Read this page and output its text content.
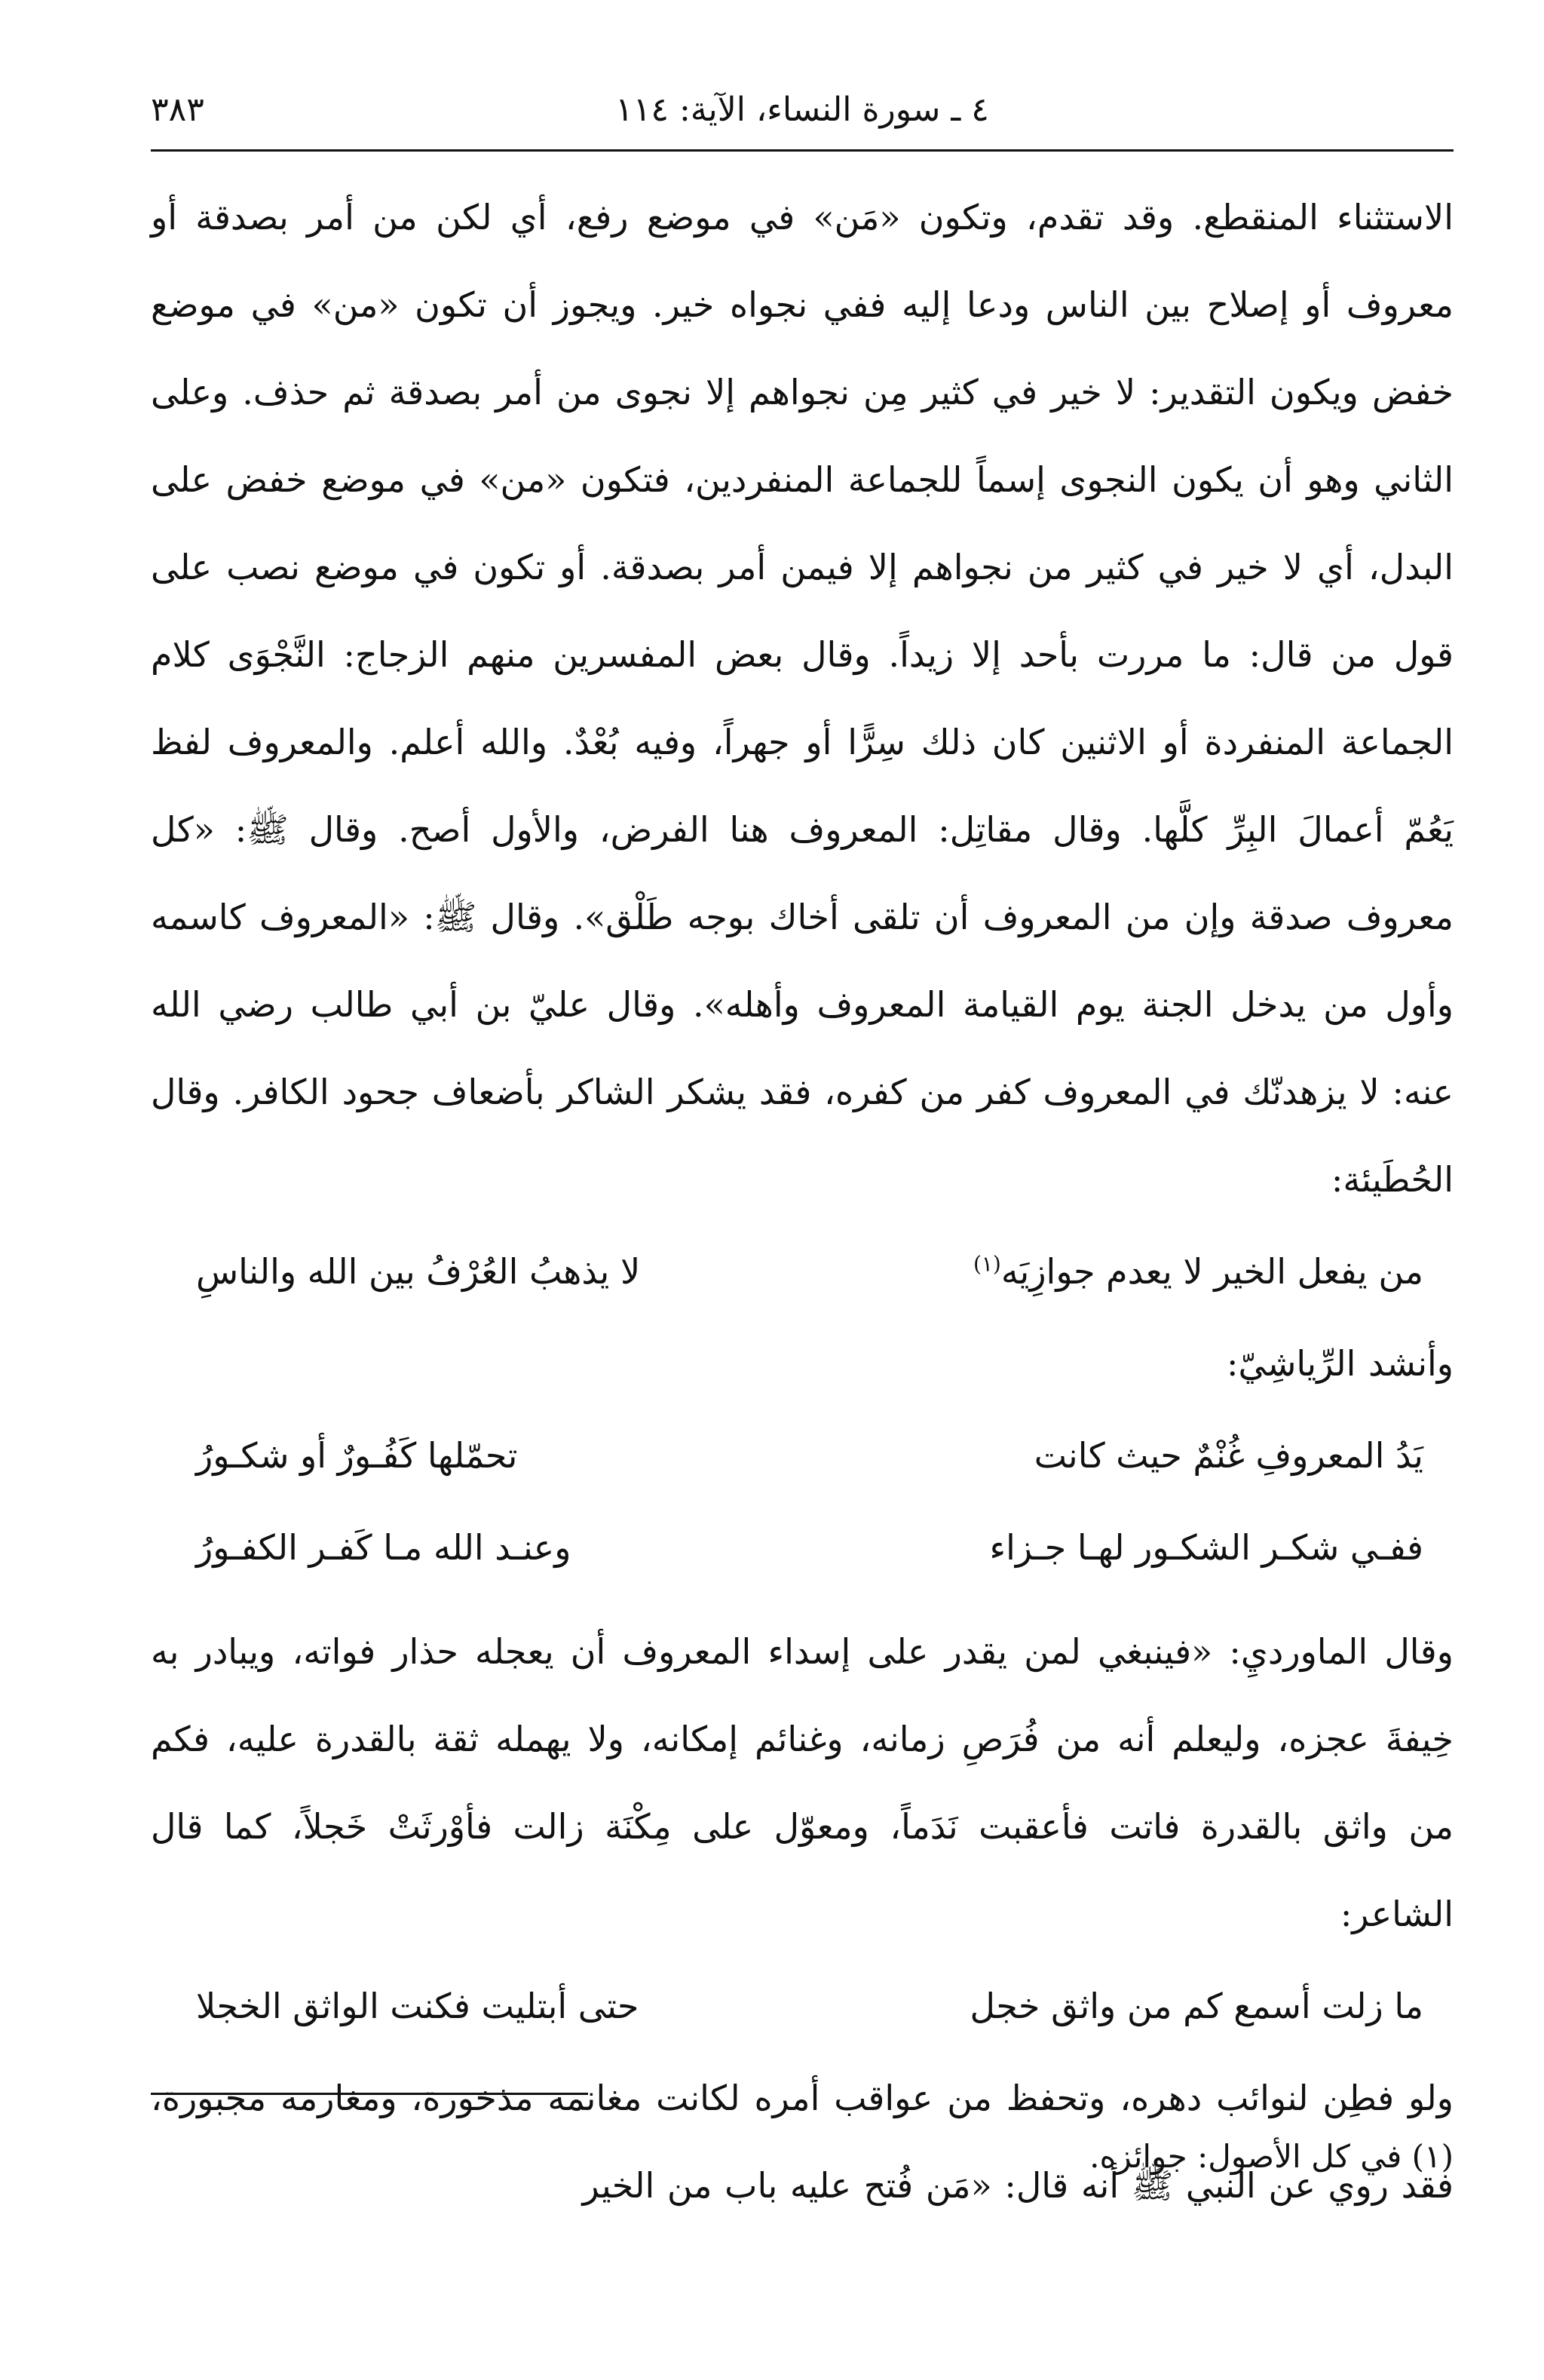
٣٨٣	٤ ـ سورة النساء، الآية: ١١٤

الاستثناء المنقطع. وقد تقدم، وتكون «مَن» في موضع رفع، أي لكن من أمر بصدقة أو معروف أو إصلاح بين الناس ودعا إليه ففي نجواه خير. ويجوز أن تكون «من» في موضع خفض ويكون التقدير: لا خير في كثير مِن نجواهم إلا نجوى من أمر بصدقة ثم حذف. وعلى الثاني وهو أن يكون النجوى إسماً للجماعة المنفردين، فتكون «من» في موضع خفض على البدل، أي لا خير في كثير من نجواهم إلا فيمن أمر بصدقة. أو تكون في موضع نصب على قول من قال: ما مررت بأحد إلا زيداً. وقال بعض المفسرين منهم الزجاج: النَّجْوَى كلام الجماعة المنفردة أو الاثنين كان ذلك سِرًّا أو جهراً، وفيه بُعْدٌ. والله أعلم. والمعروف لفظ يَعُمّ أعمالَ البِرِّ كلَّها. وقال مقاتِل: المعروف هنا الفرض، والأول أصح. وقال ﷺ: «كل معروف صدقة وإن من المعروف أن تلقى أخاك بوجه طَلْق». وقال ﷺ: «المعروف كاسمه وأول من يدخل الجنة يوم القيامة المعروف وأهله». وقال عليّ بن أبي طالب رضي الله عنه: لا يزهدنّك في المعروف كفر من كفره، فقد يشكر الشاكر بأضعاف جحود الكافر. وقال الحُطَيئة:

من يفعل الخير لا يعدم جوازِيَه$^{(١)}$
لا يذهبُ العُرْفُ بين الله والناسِ

وأنشد الرِّياشِيّ:

يَدُ المعروفِ غُنْمٌ حيث كانت
تحمّلها كَفُـورٌ أو شكـورُ
ففـي شكـر الشكـور لهـا جـزاء
وعنـد الله مـا كَفـر الكفـورُ

وقال الماورديِ: «فينبغي لمن يقدر على إسداء المعروف أن يعجله حذار فواته، ويبادر به خِيفةَ عجزه، وليعلم أنه من فُرَصِ زمانه، وغنائم إمكانه، ولا يهمله ثقة بالقدرة عليه، فكم من واثق بالقدرة فاتت فأعقبت نَدَماً، ومعوّل على مِكْنَة زالت فأوْرثَتْ خَجلاً، كما قال الشاعر:

ما زلت أسمع كم من واثق خجل
حتى أبتليت فكنت الواثق الخجلا

ولو فطِن لنوائب دهره، وتحفظ من عواقب أمره لكانت مغانمه مذخورة، ومغارمه مجبورة، فقد روي عن النبي ﷺ أنه قال: «مَن فُتح عليه باب من الخير

(١) في كل الأصول: جوائزه.
